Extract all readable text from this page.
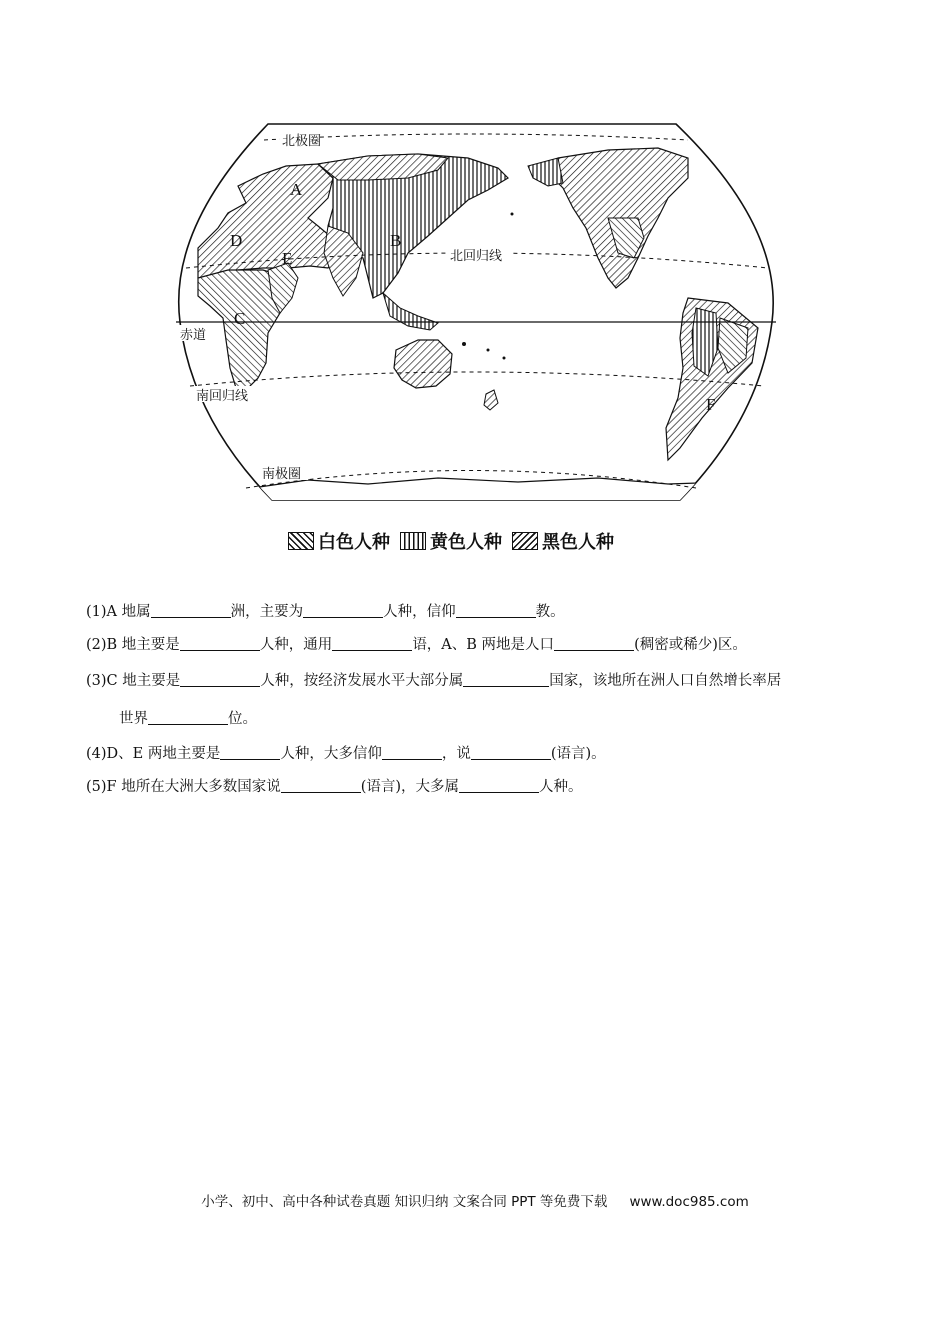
北极圈
北回归线
赤道
南回归线
南极圈
A
B
C
D
E
F
白色人种 黄色人种 黑色人种
(1)A 地属	洲，主要为	人种，信仰	教。
(2)B 地主要是	人种，通用	语，A、B 两地是人口	(稠密或稀少)区。
(3)C 地主要是	人种，按经济发展水平大部分属	国家，该地所在洲人口自然增长率居
世界	位。
(4)D、E 两地主要是	人种，大多信仰	，说	(语言)。
(5)F 地所在大洲大多数国家说	(语言)，大多属	人种。
小学、初中、高中各种试卷真题 知识归纳 文案合同 PPT 等免费下载 www.doc985.com
